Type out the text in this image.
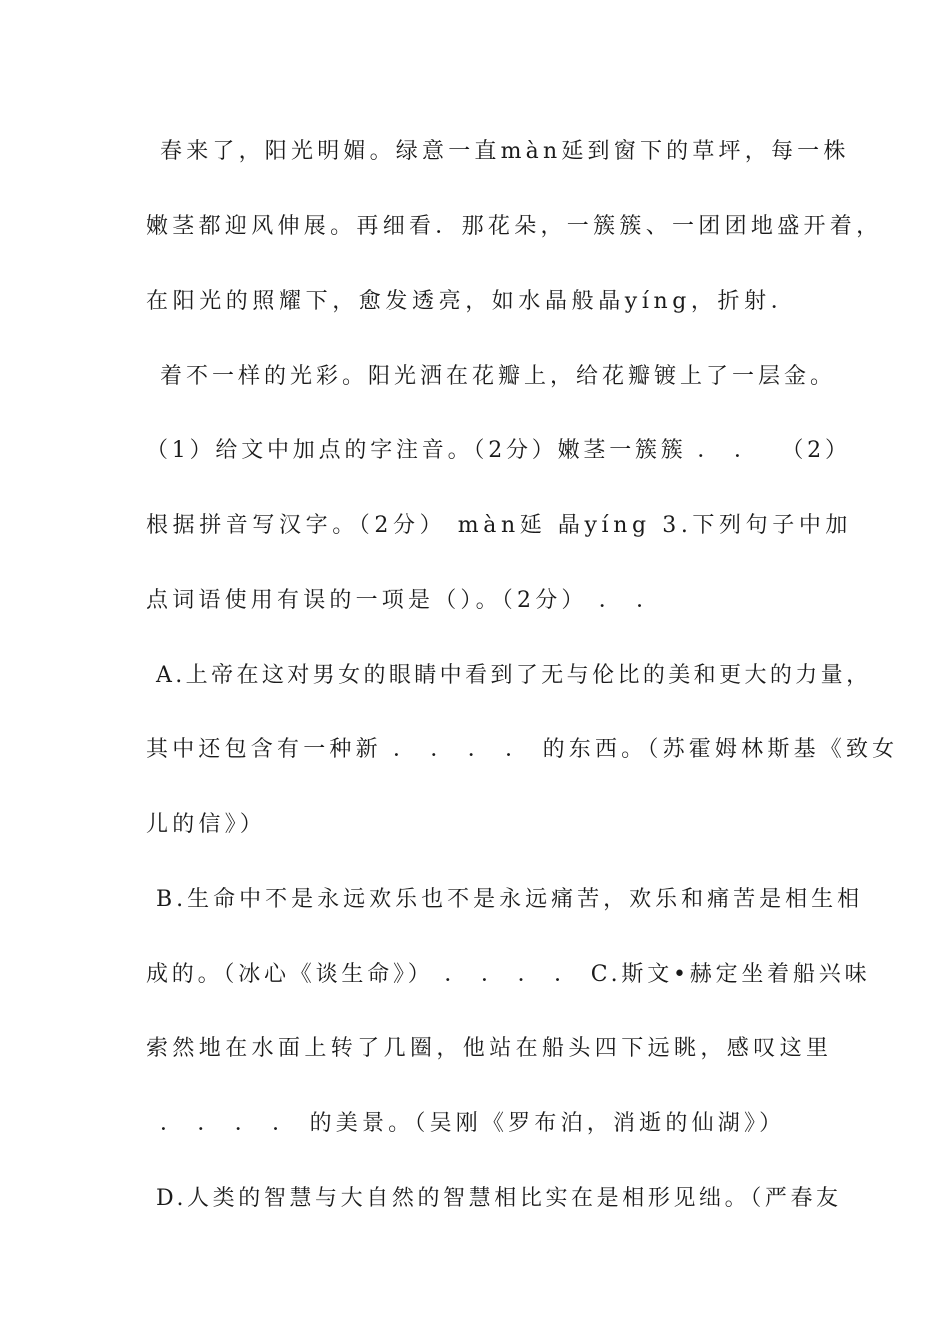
春来了，阳光明媚。绿意一直màn延到窗下的草坪，每一株
嫩茎都迎风伸展。再细看．那花朵，一簇簇、一团团地盛开着，
在阳光的照耀下，愈发透亮，如水晶般晶yíng，折射．
着不一样的光彩。阳光洒在花瓣上，给花瓣镀上了一层金。
（1）给文中加点的字注音。（2分）嫩茎一簇簇 ． ．  （2）
根据拼音写汉字。（2分） màn延 晶yíng 3.下列句子中加
点词语使用有误的一项是（）。（2分） ． ．
A.上帝在这对男女的眼睛中看到了无与伦比的美和更大的力量，
其中还包含有一种新 ． ． ． ． 的东西。（苏霍姆林斯基《致女
儿的信》）
B.生命中不是永远欢乐也不是永远痛苦，欢乐和痛苦是相生相
成的。（冰心《谈生命》） ． ． ． ． C.斯文•赫定坐着船兴味
索然地在水面上转了几圈，他站在船头四下远眺，感叹这里
． ． ． ． 的美景。（吴刚《罗布泊，消逝的仙湖》）
D.人类的智慧与大自然的智慧相比实在是相形见绌。（严春友
